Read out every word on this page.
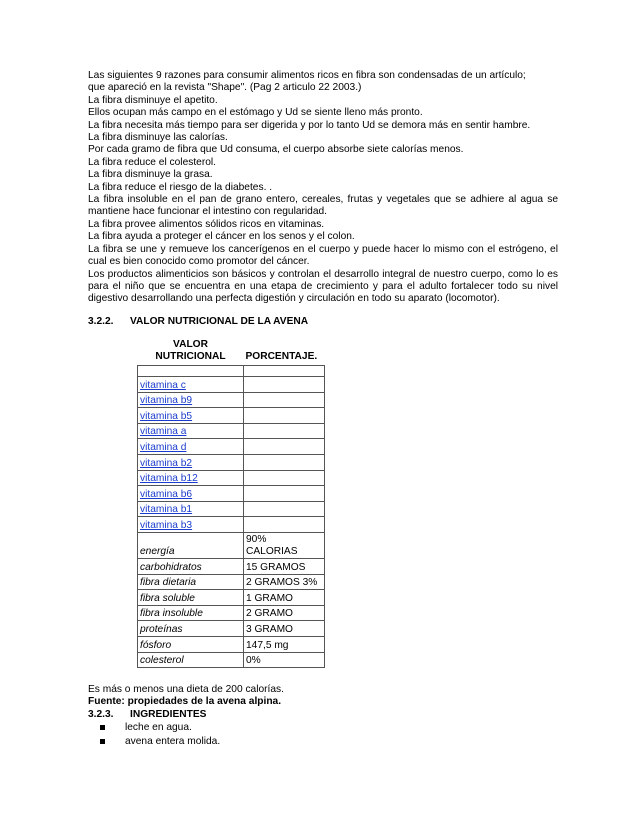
Las siguientes 9 razones para consumir alimentos ricos en fibra son condensadas de un artículo;

que apareció en la revista "Shape". (Pag 2 articulo 22 2003.)

La fibra disminuye el apetito.

Ellos ocupan más campo en el estómago y Ud se siente lleno más pronto.

La fibra necesita más tiempo para ser digerida y por lo tanto Ud se demora más en sentir hambre.

La fibra disminuye las calorías.

Por cada gramo de fibra que Ud consuma, el cuerpo absorbe siete calorías menos.

La fibra reduce el colesterol.

La fibra disminuye la grasa.

La fibra reduce el riesgo de la diabetes. .

La fibra insoluble en el pan de grano entero, cereales, frutas y vegetales que se adhiere al agua se mantiene hace funcionar el intestino con regularidad.

La fibra provee alimentos sólidos ricos en vitaminas.

La fibra ayuda a proteger el cáncer en los senos y el colon.

La fibra se une y remueve los cancerígenos en el cuerpo y puede hacer lo mismo con el estrógeno, el cual es bien conocido como promotor del cáncer.

Los productos alimenticios son básicos y controlan el desarrollo integral de nuestro cuerpo, como lo es para el niño que se encuentra en una etapa de crecimiento y para el adulto fortalecer todo su nivel digestivo desarrollando una perfecta digestión y circulación en todo su aparato (locomotor).

3.2.2. VALOR NUTRICIONAL DE LA AVENA
VALOR
NUTRICIONAL	PORCENTAJE.

vitamina c	
vitamina b9	
vitamina b5	
vitamina a	
vitamina d	
vitamina b2	
vitamina b12	
vitamina b6	
vitamina b1	
vitamina b3	
energía	90%
CALORIAS

carbohidratos	15 GRAMOS
fibra dietaria	2 GRAMOS 3%
fibra soluble	1 GRAMO
fibra insoluble	2 GRAMO
proteínas	3 GRAMO
fósforo	147,5 mg
colesterol	0%

Es más o menos una dieta de 200 calorías.

Fuente: propiedades de la avena alpina.

3.2.3. INGREDIENTES

leche en agua.
avena entera molida.
